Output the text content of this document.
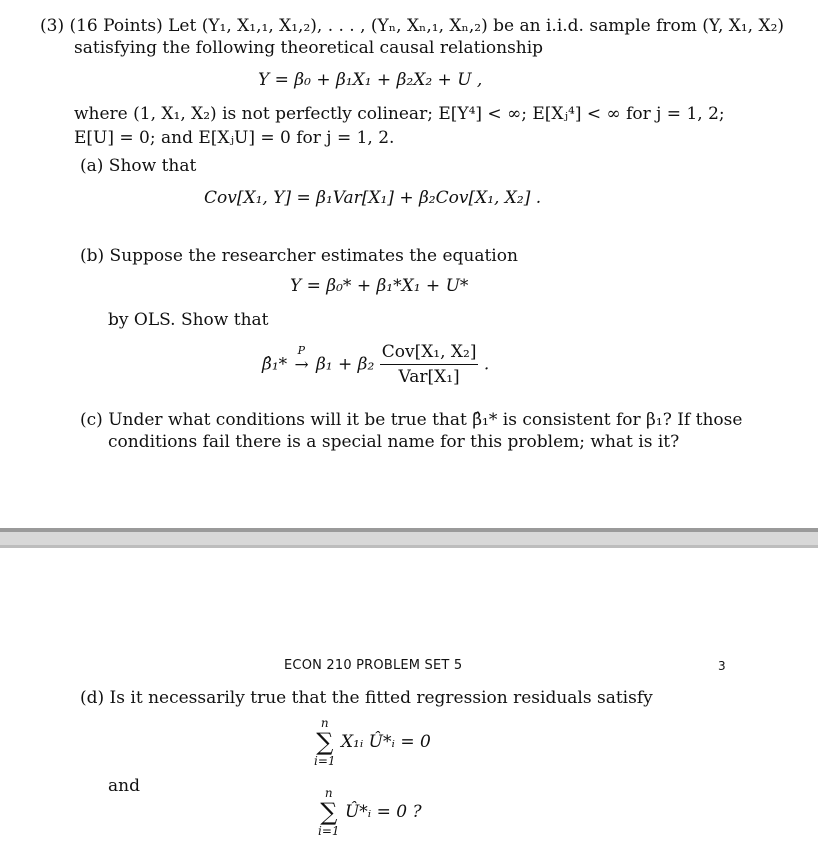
(3) (16 Points) Let (Y₁, X₁,₁, X₁,₂), . . . , (Yₙ, Xₙ,₁, Xₙ,₂) be an i.i.d. sample from (Y, X₁, X₂)
satisfying the following theoretical causal relationship
Y = β₀ + β₁X₁ + β₂X₂ + U ,
where (1, X₁, X₂) is not perfectly colinear; E[Y⁴] < ∞; E[Xⱼ⁴] < ∞ for j = 1, 2;
E[U] = 0; and E[XⱼU] = 0 for j = 1, 2.
(a) Show that
Cov[X₁, Y] = β₁Var[X₁] + β₂Cov[X₁, X₂] .
(b) Suppose the researcher estimates the equation
Y = β₀* + β₁*X₁ + U*
by OLS. Show that
β̂₁*
P
→ $\beta_1 + \beta_2 \frac{\text{Cov[X₁, X₂]}}{\text{Var[X₁]}}$ .
(c) Under what conditions will it be true that β̂₁* is consistent for β₁? If those
conditions fail there is a special name for this problem; what is it?
ECON 210 PROBLEM SET 5	3
(d) Is it necessarily true that the fitted regression residuals satisfy
n
∑
i=1
X₁ᵢ Û*ᵢ = 0
and	n
∑
i=1
Û*ᵢ = 0 ?
